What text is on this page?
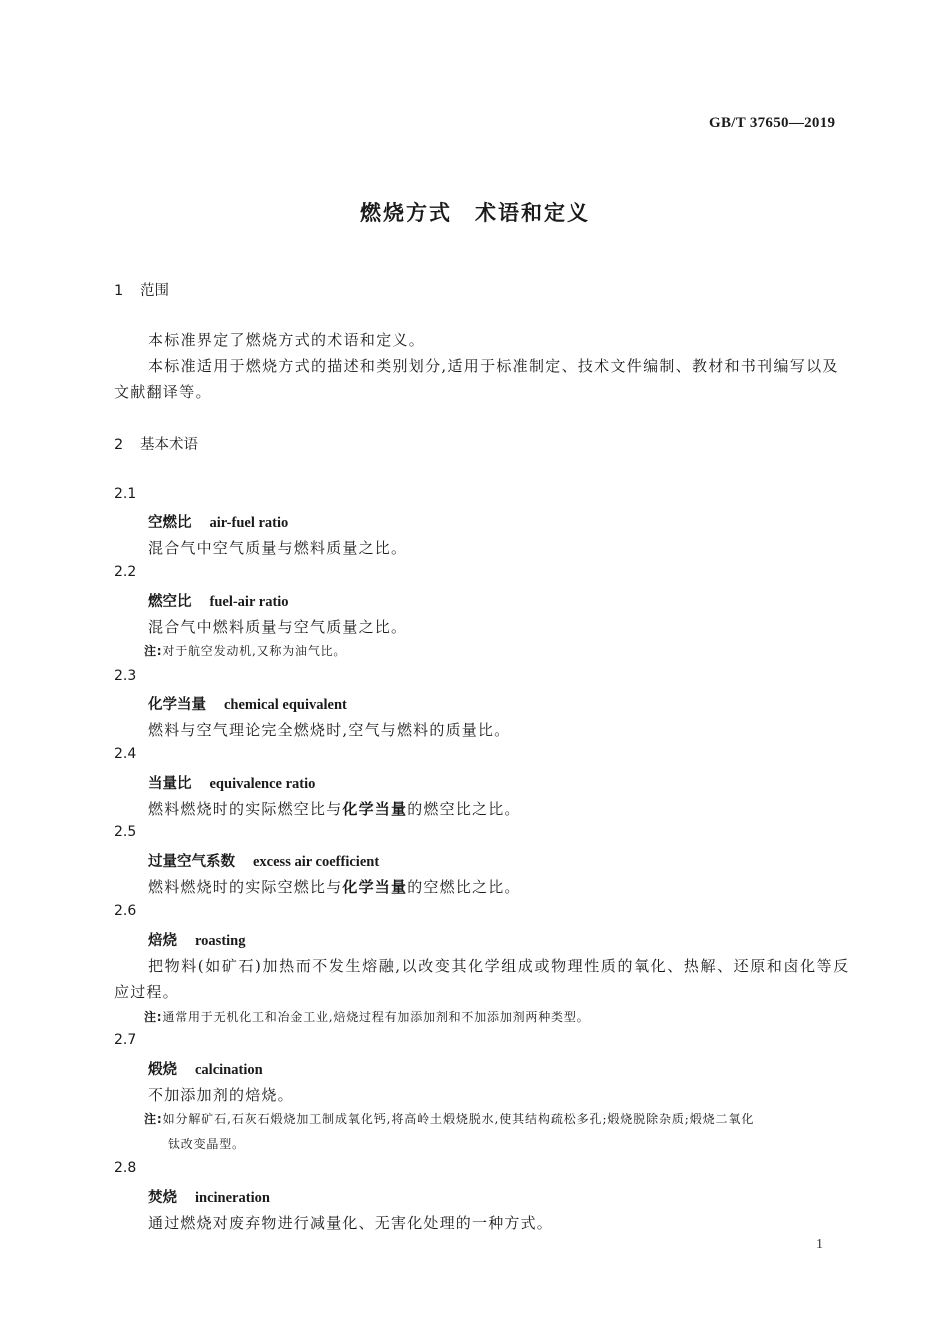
GB/T 37650—2019
燃烧方式　术语和定义
1 范围
本标准界定了燃烧方式的术语和定义。
本标准适用于燃烧方式的描述和类别划分,适用于标准制定、技术文件编制、教材和书刊编写以及
文献翻译等。
2 基本术语
2.1
空燃比 air-fuel ratio
混合气中空气质量与燃料质量之比。
2.2
燃空比 fuel-air ratio
混合气中燃料质量与空气质量之比。
注:对于航空发动机,又称为油气比。
2.3
化学当量 chemical equivalent
燃料与空气理论完全燃烧时,空气与燃料的质量比。
2.4
当量比 equivalence ratio
燃料燃烧时的实际燃空比与化学当量的燃空比之比。
2.5
过量空气系数 excess air coefficient
燃料燃烧时的实际空燃比与化学当量的空燃比之比。
2.6
焙烧 roasting
把物料(如矿石)加热而不发生熔融,以改变其化学组成或物理性质的氧化、热解、还原和卤化等反
应过程。
注:通常用于无机化工和冶金工业,焙烧过程有加添加剂和不加添加剂两种类型。
2.7
煅烧 calcination
不加添加剂的焙烧。
注:如分解矿石,石灰石煅烧加工制成氧化钙,将高岭土煅烧脱水,使其结构疏松多孔;煅烧脱除杂质;煅烧二氧化
钛改变晶型。
2.8
焚烧 incineration
通过燃烧对废弃物进行减量化、无害化处理的一种方式。
1
